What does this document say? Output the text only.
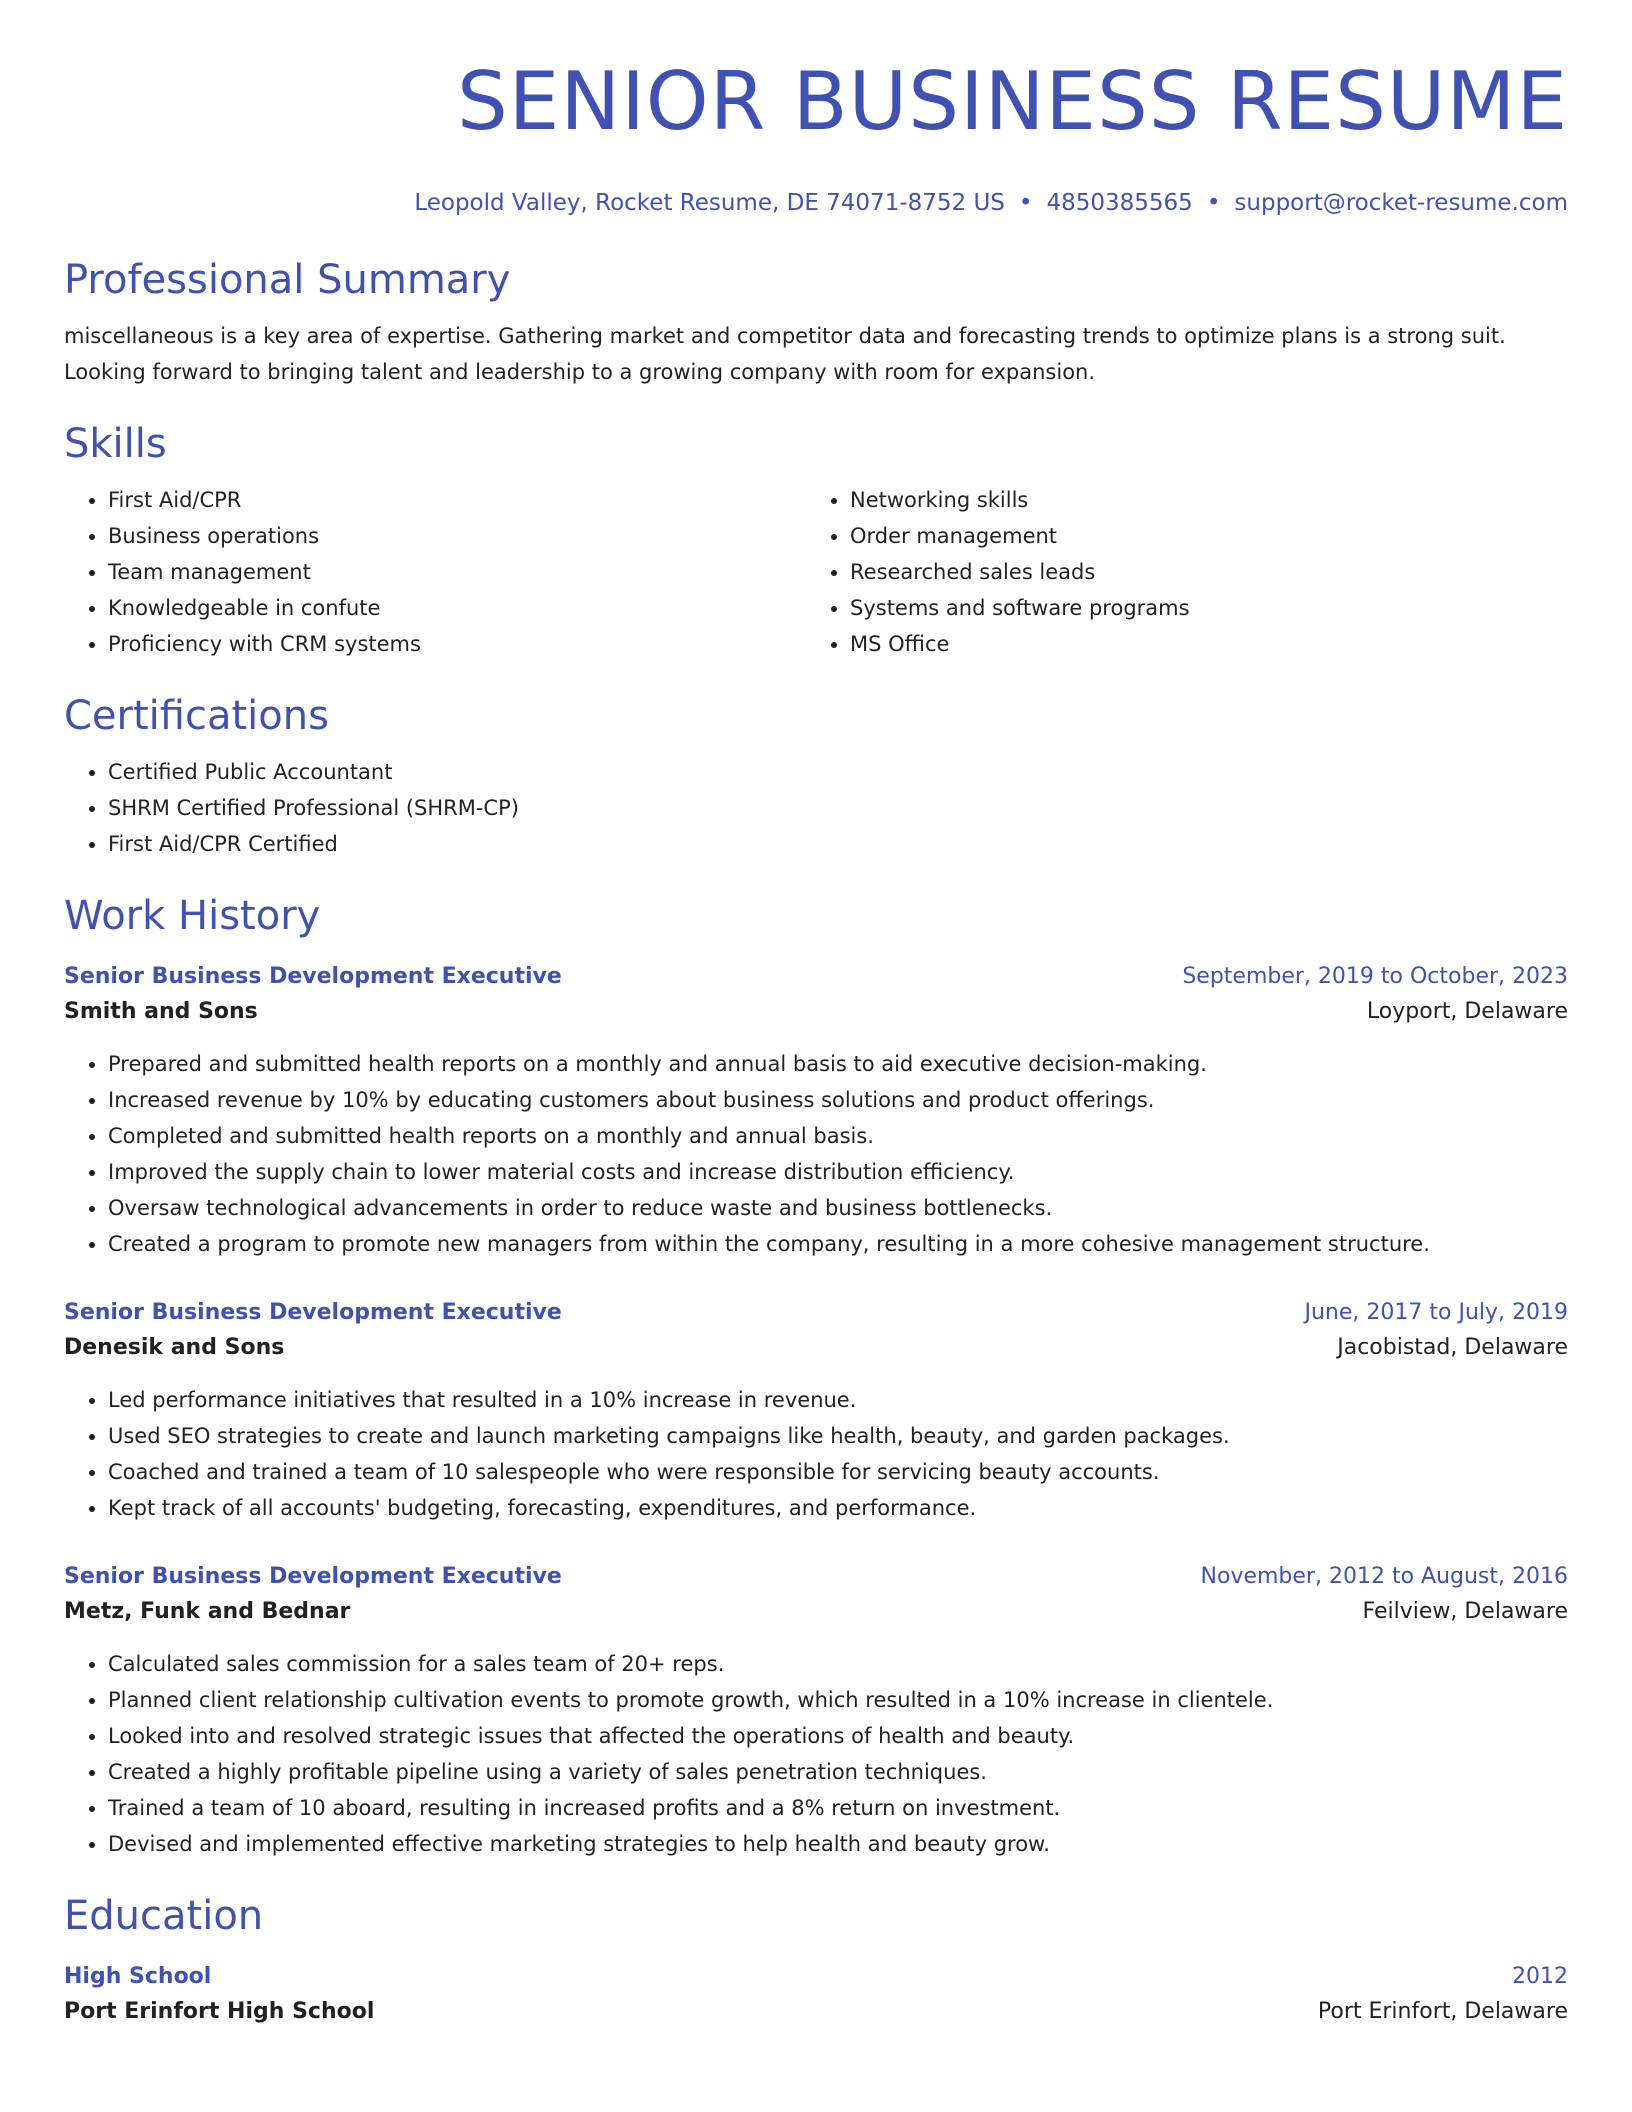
SENIOR BUSINESS RESUME
Leopold Valley, Rocket Resume, DE 74071-8752 US • 4850385565 • support@rocket-resume.com
Professional Summary
miscellaneous is a key area of expertise. Gathering market and competitor data and forecasting trends to optimize plans is a strong suit. Looking forward to bringing talent and leadership to a growing company with room for expansion.
Skills
• First Aid/CPR
• Business operations
• Team management
• Knowledgeable in confute
• Proficiency with CRM systems
• Networking skills
• Order management
• Researched sales leads
• Systems and software programs
• MS Office
Certifications
• Certified Public Accountant
• SHRM Certified Professional (SHRM-CP)
• First Aid/CPR Certified
Work History
Senior Business Development Executive	September, 2019 to October, 2023
Smith and Sons	Loyport, Delaware
• Prepared and submitted health reports on a monthly and annual basis to aid executive decision-making.
• Increased revenue by 10% by educating customers about business solutions and product offerings.
• Completed and submitted health reports on a monthly and annual basis.
• Improved the supply chain to lower material costs and increase distribution efficiency.
• Oversaw technological advancements in order to reduce waste and business bottlenecks.
• Created a program to promote new managers from within the company, resulting in a more cohesive management structure.
Senior Business Development Executive	June, 2017 to July, 2019
Denesik and Sons	Jacobistad, Delaware
• Led performance initiatives that resulted in a 10% increase in revenue.
• Used SEO strategies to create and launch marketing campaigns like health, beauty, and garden packages.
• Coached and trained a team of 10 salespeople who were responsible for servicing beauty accounts.
• Kept track of all accounts' budgeting, forecasting, expenditures, and performance.
Senior Business Development Executive	November, 2012 to August, 2016
Metz, Funk and Bednar	Feilview, Delaware
• Calculated sales commission for a sales team of 20+ reps.
• Planned client relationship cultivation events to promote growth, which resulted in a 10% increase in clientele.
• Looked into and resolved strategic issues that affected the operations of health and beauty.
• Created a highly profitable pipeline using a variety of sales penetration techniques.
• Trained a team of 10 aboard, resulting in increased profits and a 8% return on investment.
• Devised and implemented effective marketing strategies to help health and beauty grow.
Education
High School	2012
Port Erinfort High School	Port Erinfort, Delaware
